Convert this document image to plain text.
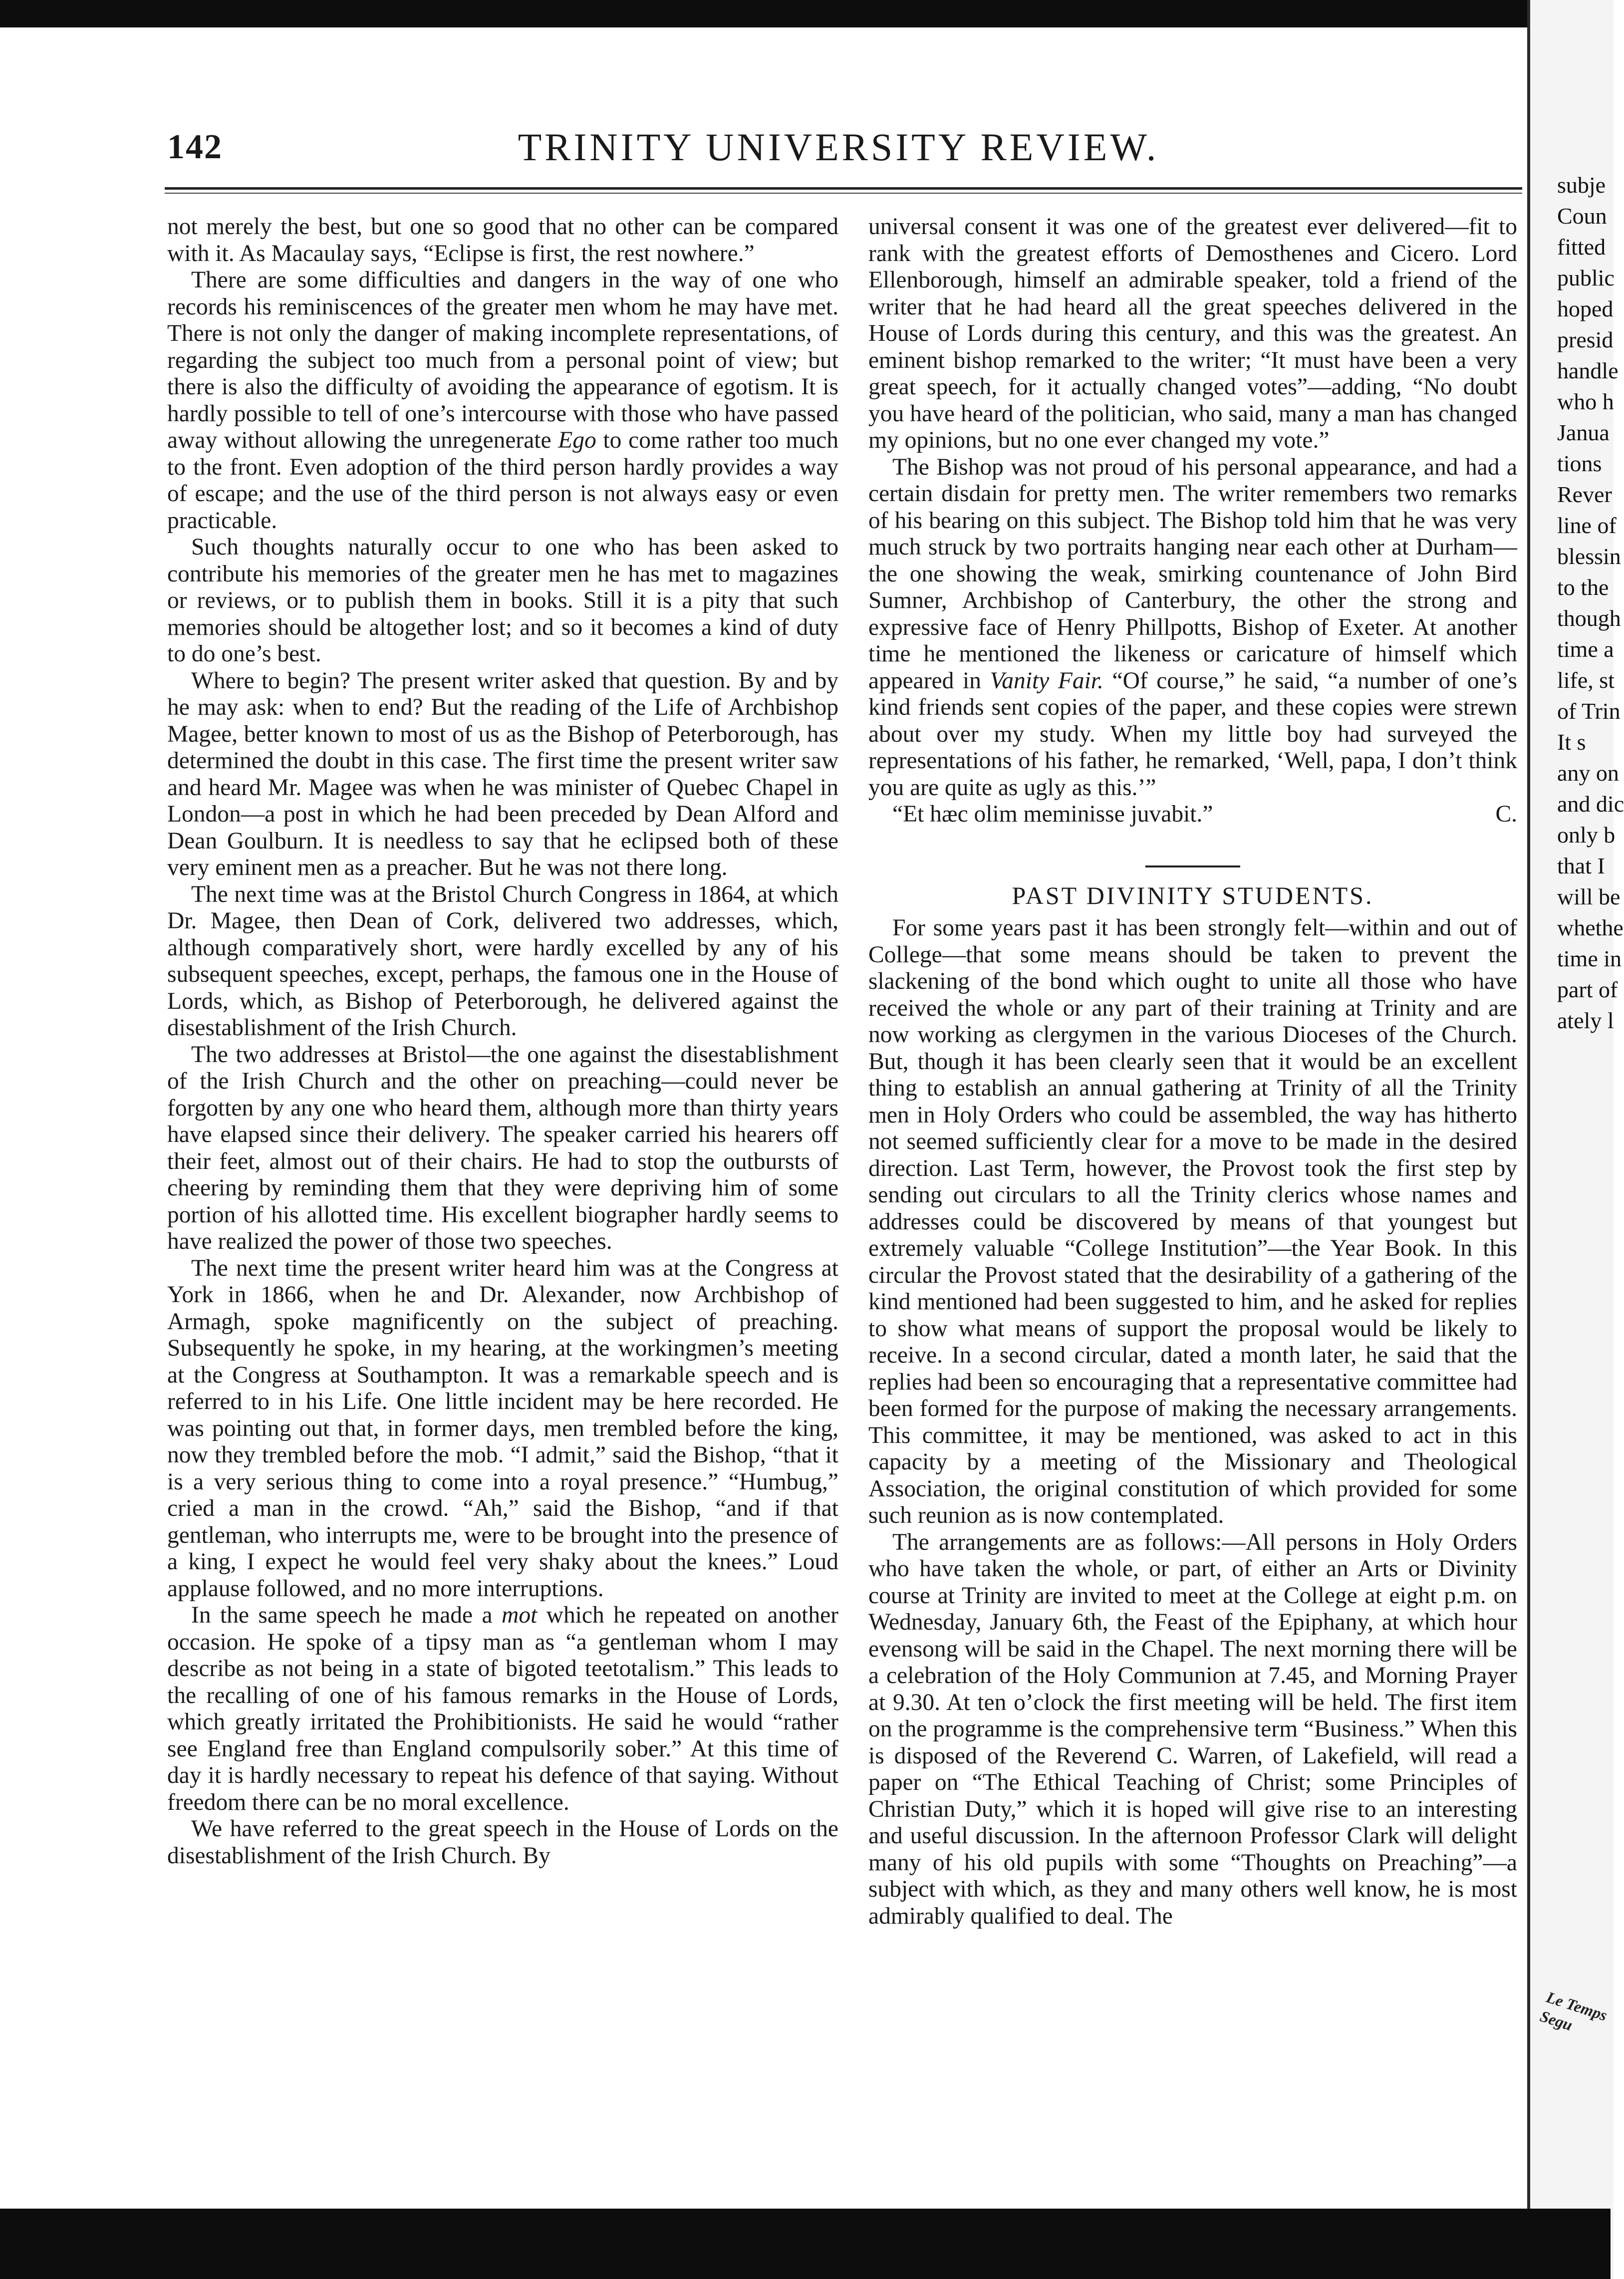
142	TRINITY UNIVERSITY REVIEW.

not merely the best, but one so good that no other can be compared with it. As Macaulay says, “Eclipse is first, the rest nowhere.”

There are some difficulties and dangers in the way of one who records his reminiscences of the greater men whom he may have met. There is not only the danger of making incomplete representations, of regarding the subject too much from a personal point of view; but there is also the difficulty of avoiding the appearance of egotism. It is hardly possible to tell of one’s intercourse with those who have passed away without allowing the unregenerate Ego to come rather too much to the front. Even adoption of the third person hardly provides a way of escape; and the use of the third person is not always easy or even practicable.

Such thoughts naturally occur to one who has been asked to contribute his memories of the greater men he has met to magazines or reviews, or to publish them in books. Still it is a pity that such memories should be altogether lost; and so it becomes a kind of duty to do one’s best.

Where to begin? The present writer asked that question. By and by he may ask: when to end? But the reading of the Life of Archbishop Magee, better known to most of us as the Bishop of Peterborough, has determined the doubt in this case. The first time the present writer saw and heard Mr. Magee was when he was minister of Quebec Chapel in London—a post in which he had been preceded by Dean Alford and Dean Goulburn. It is needless to say that he eclipsed both of these very eminent men as a preacher. But he was not there long.

The next time was at the Bristol Church Congress in 1864, at which Dr. Magee, then Dean of Cork, delivered two addresses, which, although comparatively short, were hardly excelled by any of his subsequent speeches, except, perhaps, the famous one in the House of Lords, which, as Bishop of Peterborough, he delivered against the disestablishment of the Irish Church.

The two addresses at Bristol—the one against the disestablishment of the Irish Church and the other on preaching—could never be forgotten by any one who heard them, although more than thirty years have elapsed since their delivery. The speaker carried his hearers off their feet, almost out of their chairs. He had to stop the outbursts of cheering by reminding them that they were depriving him of some portion of his allotted time. His excellent biographer hardly seems to have realized the power of those two speeches.

The next time the present writer heard him was at the Congress at York in 1866, when he and Dr. Alexander, now Archbishop of Armagh, spoke magnificently on the subject of preaching. Subsequently he spoke, in my hearing, at the workingmen’s meeting at the Congress at Southampton. It was a remarkable speech and is referred to in his Life. One little incident may be here recorded. He was pointing out that, in former days, men trembled before the king, now they trembled before the mob. “I admit,” said the Bishop, “that it is a very serious thing to come into a royal presence.” “Humbug,” cried a man in the crowd. “Ah,” said the Bishop, “and if that gentleman, who interrupts me, were to be brought into the presence of a king, I expect he would feel very shaky about the knees.” Loud applause followed, and no more interruptions.

In the same speech he made a mot which he repeated on another occasion. He spoke of a tipsy man as “a gentleman whom I may describe as not being in a state of bigoted teetotalism.” This leads to the recalling of one of his famous remarks in the House of Lords, which greatly irritated the Prohibitionists. He said he would “rather see England free than England compulsorily sober.” At this time of day it is hardly necessary to repeat his defence of that saying. Without freedom there can be no moral excellence.

We have referred to the great speech in the House of Lords on the disestablishment of the Irish Church. By

universal consent it was one of the greatest ever delivered—fit to rank with the greatest efforts of Demosthenes and Cicero. Lord Ellenborough, himself an admirable speaker, told a friend of the writer that he had heard all the great speeches delivered in the House of Lords during this century, and this was the greatest. An eminent bishop remarked to the writer; “It must have been a very great speech, for it actually changed votes”—adding, “No doubt you have heard of the politician, who said, many a man has changed my opinions, but no one ever changed my vote.”

The Bishop was not proud of his personal appearance, and had a certain disdain for pretty men. The writer remembers two remarks of his bearing on this subject. The Bishop told him that he was very much struck by two portraits hanging near each other at Durham—the one showing the weak, smirking countenance of John Bird Sumner, Archbishop of Canterbury, the other the strong and expressive face of Henry Phillpotts, Bishop of Exeter. At another time he mentioned the likeness or caricature of himself which appeared in Vanity Fair. “Of course,” he said, “a number of one’s kind friends sent copies of the paper, and these copies were strewn about over my study. When my little boy had surveyed the representations of his father, he remarked, ‘Well, papa, I don’t think you are quite as ugly as this.’”

“Et hæc olim meminisse juvabit.”	C.

PAST DIVINITY STUDENTS.

For some years past it has been strongly felt—within and out of College—that some means should be taken to prevent the slackening of the bond which ought to unite all those who have received the whole or any part of their training at Trinity and are now working as clergymen in the various Dioceses of the Church. But, though it has been clearly seen that it would be an excellent thing to establish an annual gathering at Trinity of all the Trinity men in Holy Orders who could be assembled, the way has hitherto not seemed sufficiently clear for a move to be made in the desired direction. Last Term, however, the Provost took the first step by sending out circulars to all the Trinity clerics whose names and addresses could be discovered by means of that youngest but extremely valuable “College Institution”—the Year Book. In this circular the Provost stated that the desirability of a gathering of the kind mentioned had been suggested to him, and he asked for replies to show what means of support the proposal would be likely to receive. In a second circular, dated a month later, he said that the replies had been so encouraging that a representative committee had been formed for the purpose of making the necessary arrangements. This committee, it may be mentioned, was asked to act in this capacity by a meeting of the Missionary and Theological Association, the original constitution of which provided for some such reunion as is now contemplated.

The arrangements are as follows:—All persons in Holy Orders who have taken the whole, or part, of either an Arts or Divinity course at Trinity are invited to meet at the College at eight p.m. on Wednesday, January 6th, the Feast of the Epiphany, at which hour evensong will be said in the Chapel. The next morning there will be a celebration of the Holy Communion at 7.45, and Morning Prayer at 9.30. At ten o’clock the first meeting will be held. The first item on the programme is the comprehensive term “Business.” When this is disposed of the Reverend C. Warren, of Lakefield, will read a paper on “The Ethical Teaching of Christ; some Principles of Christian Duty,” which it is hoped will give rise to an interesting and useful discussion. In the afternoon Professor Clark will delight many of his old pupils with some “Thoughts on Preaching”—a subject with which, as they and many others well know, he is most admirably qualified to deal. The

subje
Coun
fitted
public
hoped
presid
handle
who h
Janua
tions
Rever
line of
blessin
to the
though
time a
life, st
of Trin
It s
any on
and dic
only b
that I
will be
whethe
time in
part of
ately l
Le Temps Segu
